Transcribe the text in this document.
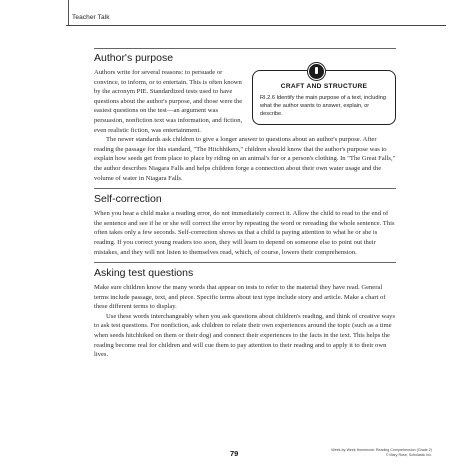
Teacher Talk
Author's purpose
CRAFT AND STRUCTURE
RI.2.6 Identify the main purpose of a text, including what the author wants to answer, explain, or describe.

Authors write for several reasons: to persuade or convince, to inform, or to entertain. This is often known by the acronym PIE. Standardized tests used to have questions about the author's purpose, and those were the easiest questions on the test—an argument was persuasion, nonfiction text was information, and fiction, even realistic fiction, was entertainment.

The newer standards ask children to give a longer answer to questions about an author's purpose. After reading the passage for this standard, "The Hitchhikers," children should know that the author's purpose was to explain how seeds get from place to place by riding on an animal's fur or a person's clothing. In "The Great Falls," the author describes Niagara Falls and helps children forge a connection about their own water usage and the volume of water in Niagara Falls.

Self-correction

When you hear a child make a reading error, do not immediately correct it. Allow the child to read to the end of the sentence and see if he or she will correct the error by repeating the word or rereading the whole sentence. This often takes only a few seconds. Self-correction shows us that a child is paying attention to what he or she is reading. If you correct young readers too soon, they will learn to depend on someone else to point out their mistakes, and they will not listen to themselves read, which, of course, lowers their comprehension.

Asking test questions

Make sure children know the many words that appear on tests to refer to the material they have read. General terms include passage, text, and piece. Specific terms about text type include story and article. Make a chart of these different terms to display.

Use these words interchangeably when you ask questions about children's reading, and think of creative ways to ask test questions. For nonfiction, ask children to relate their own experiences around the topic (such as a time when seeds hitchhiked on them or their dog) and connect their experiences to the facts in the text. This helps the reading become real for children and will cue them to pay attention to their reading and to apply it to their own lives.

79	Week-by-Week Homework: Reading Comprehension (Grade 2)
© Mary Rose, Scholastic Inc.
